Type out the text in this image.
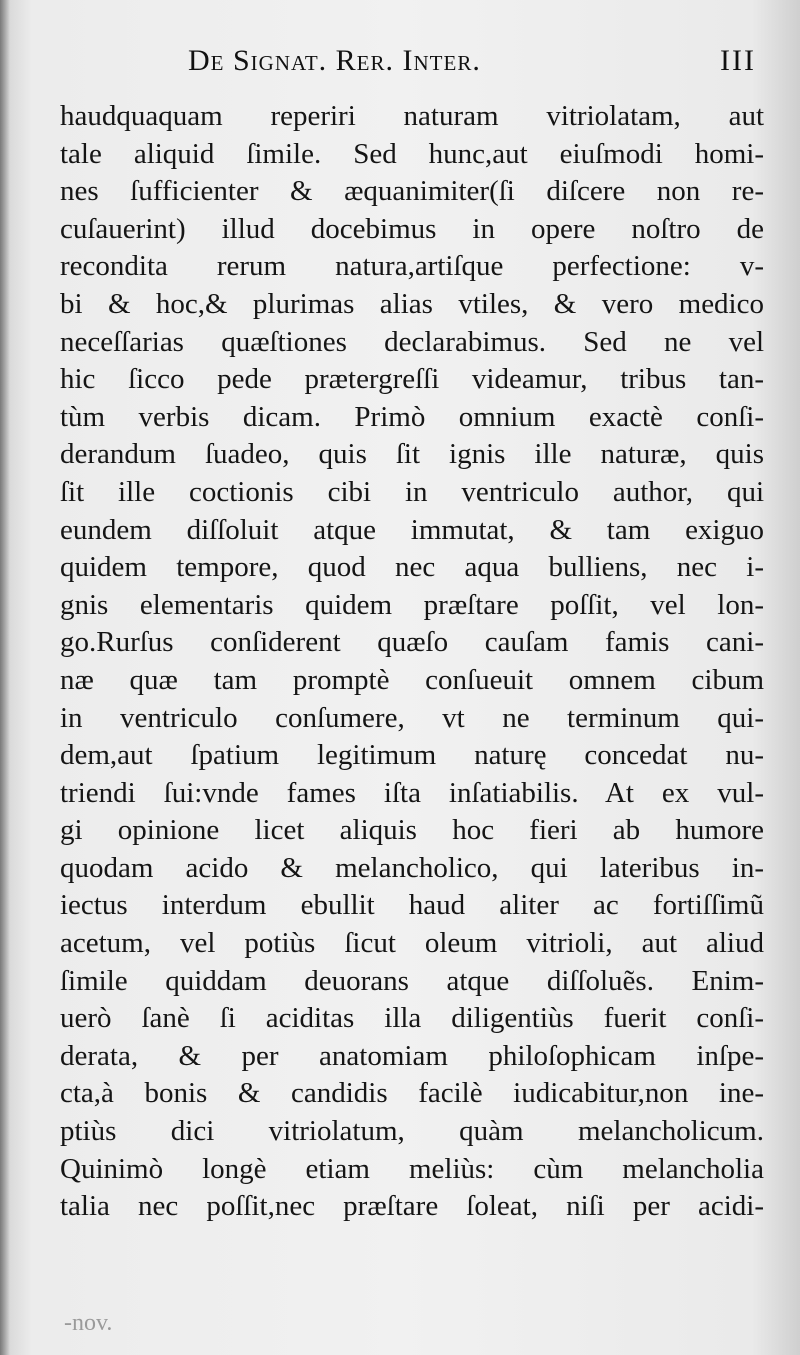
De Signat. Rer. Inter.	III
haudquaquam reperiri naturam vitriolatam, aut
tale aliquid ſimile. Sed hunc,aut eiuſmodi homi-
nes ſufficienter & æquanimiter(ſi diſcere non re-
cuſauerint) illud docebimus in opere noſtro de
recondita rerum natura,artiſque perfectione: v-
bi & hoc,& plurimas alias vtiles, & vero medico
neceſſarias quæſtiones declarabimus. Sed ne vel
hic ſicco pede prætergreſſi videamur, tribus tan-
tùm verbis dicam. Primò omnium exactè conſi-
derandum ſuadeo, quis ſit ignis ille naturæ, quis
ſit ille coctionis cibi in ventriculo author, qui
eundem diſſoluit atque immutat, & tam exiguo
quidem tempore, quod nec aqua bulliens, nec i-
gnis elementaris quidem præſtare poſſit, vel lon-
go.Rurſus conſiderent quæſo cauſam famis cani-
næ quæ tam promptè conſueuit omnem cibum
in ventriculo conſumere, vt ne terminum qui-
dem,aut ſpatium legitimum naturę concedat nu-
triendi ſui:vnde fames iſta inſatiabilis. At ex vul-
gi opinione licet aliquis hoc fieri ab humore
quodam acido & melancholico, qui lateribus in-
iectus interdum ebullit haud aliter ac fortiſſimũ
acetum, vel potiùs ſicut oleum vitrioli, aut aliud
ſimile quiddam deuorans atque diſſoluẽs. Enim-
uerò ſanè ſi aciditas illa diligentiùs fuerit conſi-
derata, & per anatomiam philoſophicam inſpe-
cta,à bonis & candidis facilè iudicabitur,non ine-
ptiùs dici vitriolatum, quàm melancholicum.
Quinimò longè etiam meliùs: cùm melancholia
talia nec poſſit,nec præſtare ſoleat, niſi per acidi-
-nov.
